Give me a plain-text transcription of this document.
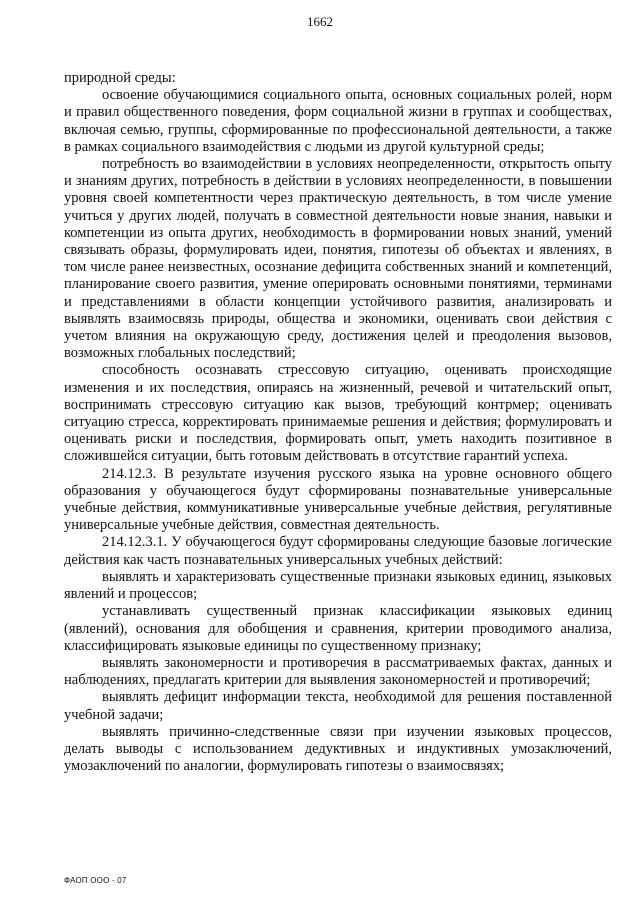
1662

природной среды:

освоение обучающимися социального опыта, основных социальных ролей, норм и правил общественного поведения, форм социальной жизни в группах и сообществах, включая семью, группы, сформированные по профессиональной деятельности, а также в рамках социального взаимодействия с людьми из другой культурной среды;

потребность во взаимодействии в условиях неопределенности, открытость опыту и знаниям других, потребность в действии в условиях неопределенности, в повышении уровня своей компетентности через практическую деятельность, в том числе умение учиться у других людей, получать в совместной деятельности новые знания, навыки и компетенции из опыта других, необходимость в формировании новых знаний, умений связывать образы, формулировать идеи, понятия, гипотезы об объектах и явлениях, в том числе ранее неизвестных, осознание дефицита собственных знаний и компетенций, планирование своего развития, умение оперировать основными понятиями, терминами и представлениями в области концепции устойчивого развития, анализировать и выявлять взаимосвязь природы, общества и экономики, оценивать свои действия с учетом влияния на окружающую среду, достижения целей и преодоления вызовов, возможных глобальных последствий;

способность осознавать стрессовую ситуацию, оценивать происходящие изменения и их последствия, опираясь на жизненный, речевой и читательский опыт, воспринимать стрессовую ситуацию как вызов, требующий контрмер; оценивать ситуацию стресса, корректировать принимаемые решения и действия; формулировать и оценивать риски и последствия, формировать опыт, уметь находить позитивное в сложившейся ситуации, быть готовым действовать в отсутствие гарантий успеха.

214.12.3. В результате изучения русского языка на уровне основного общего образования у обучающегося будут сформированы познавательные универсальные учебные действия, коммуникативные универсальные учебные действия, регулятивные универсальные учебные действия, совместная деятельность.

214.12.3.1. У обучающегося будут сформированы следующие базовые логические действия как часть познавательных универсальных учебных действий:

выявлять и характеризовать существенные признаки языковых единиц, языковых явлений и процессов;

устанавливать существенный признак классификации языковых единиц (явлений), основания для обобщения и сравнения, критерии проводимого анализа, классифицировать языковые единицы по существенному признаку;

выявлять закономерности и противоречия в рассматриваемых фактах, данных и наблюдениях, предлагать критерии для выявления закономерностей и противоречий;

выявлять дефицит информации текста, необходимой для решения поставленной учебной задачи;

выявлять причинно-следственные связи при изучении языковых процессов, делать выводы с использованием дедуктивных и индуктивных умозаключений, умозаключений по аналогии, формулировать гипотезы о взаимосвязях;

ФАОП ООО - 07
